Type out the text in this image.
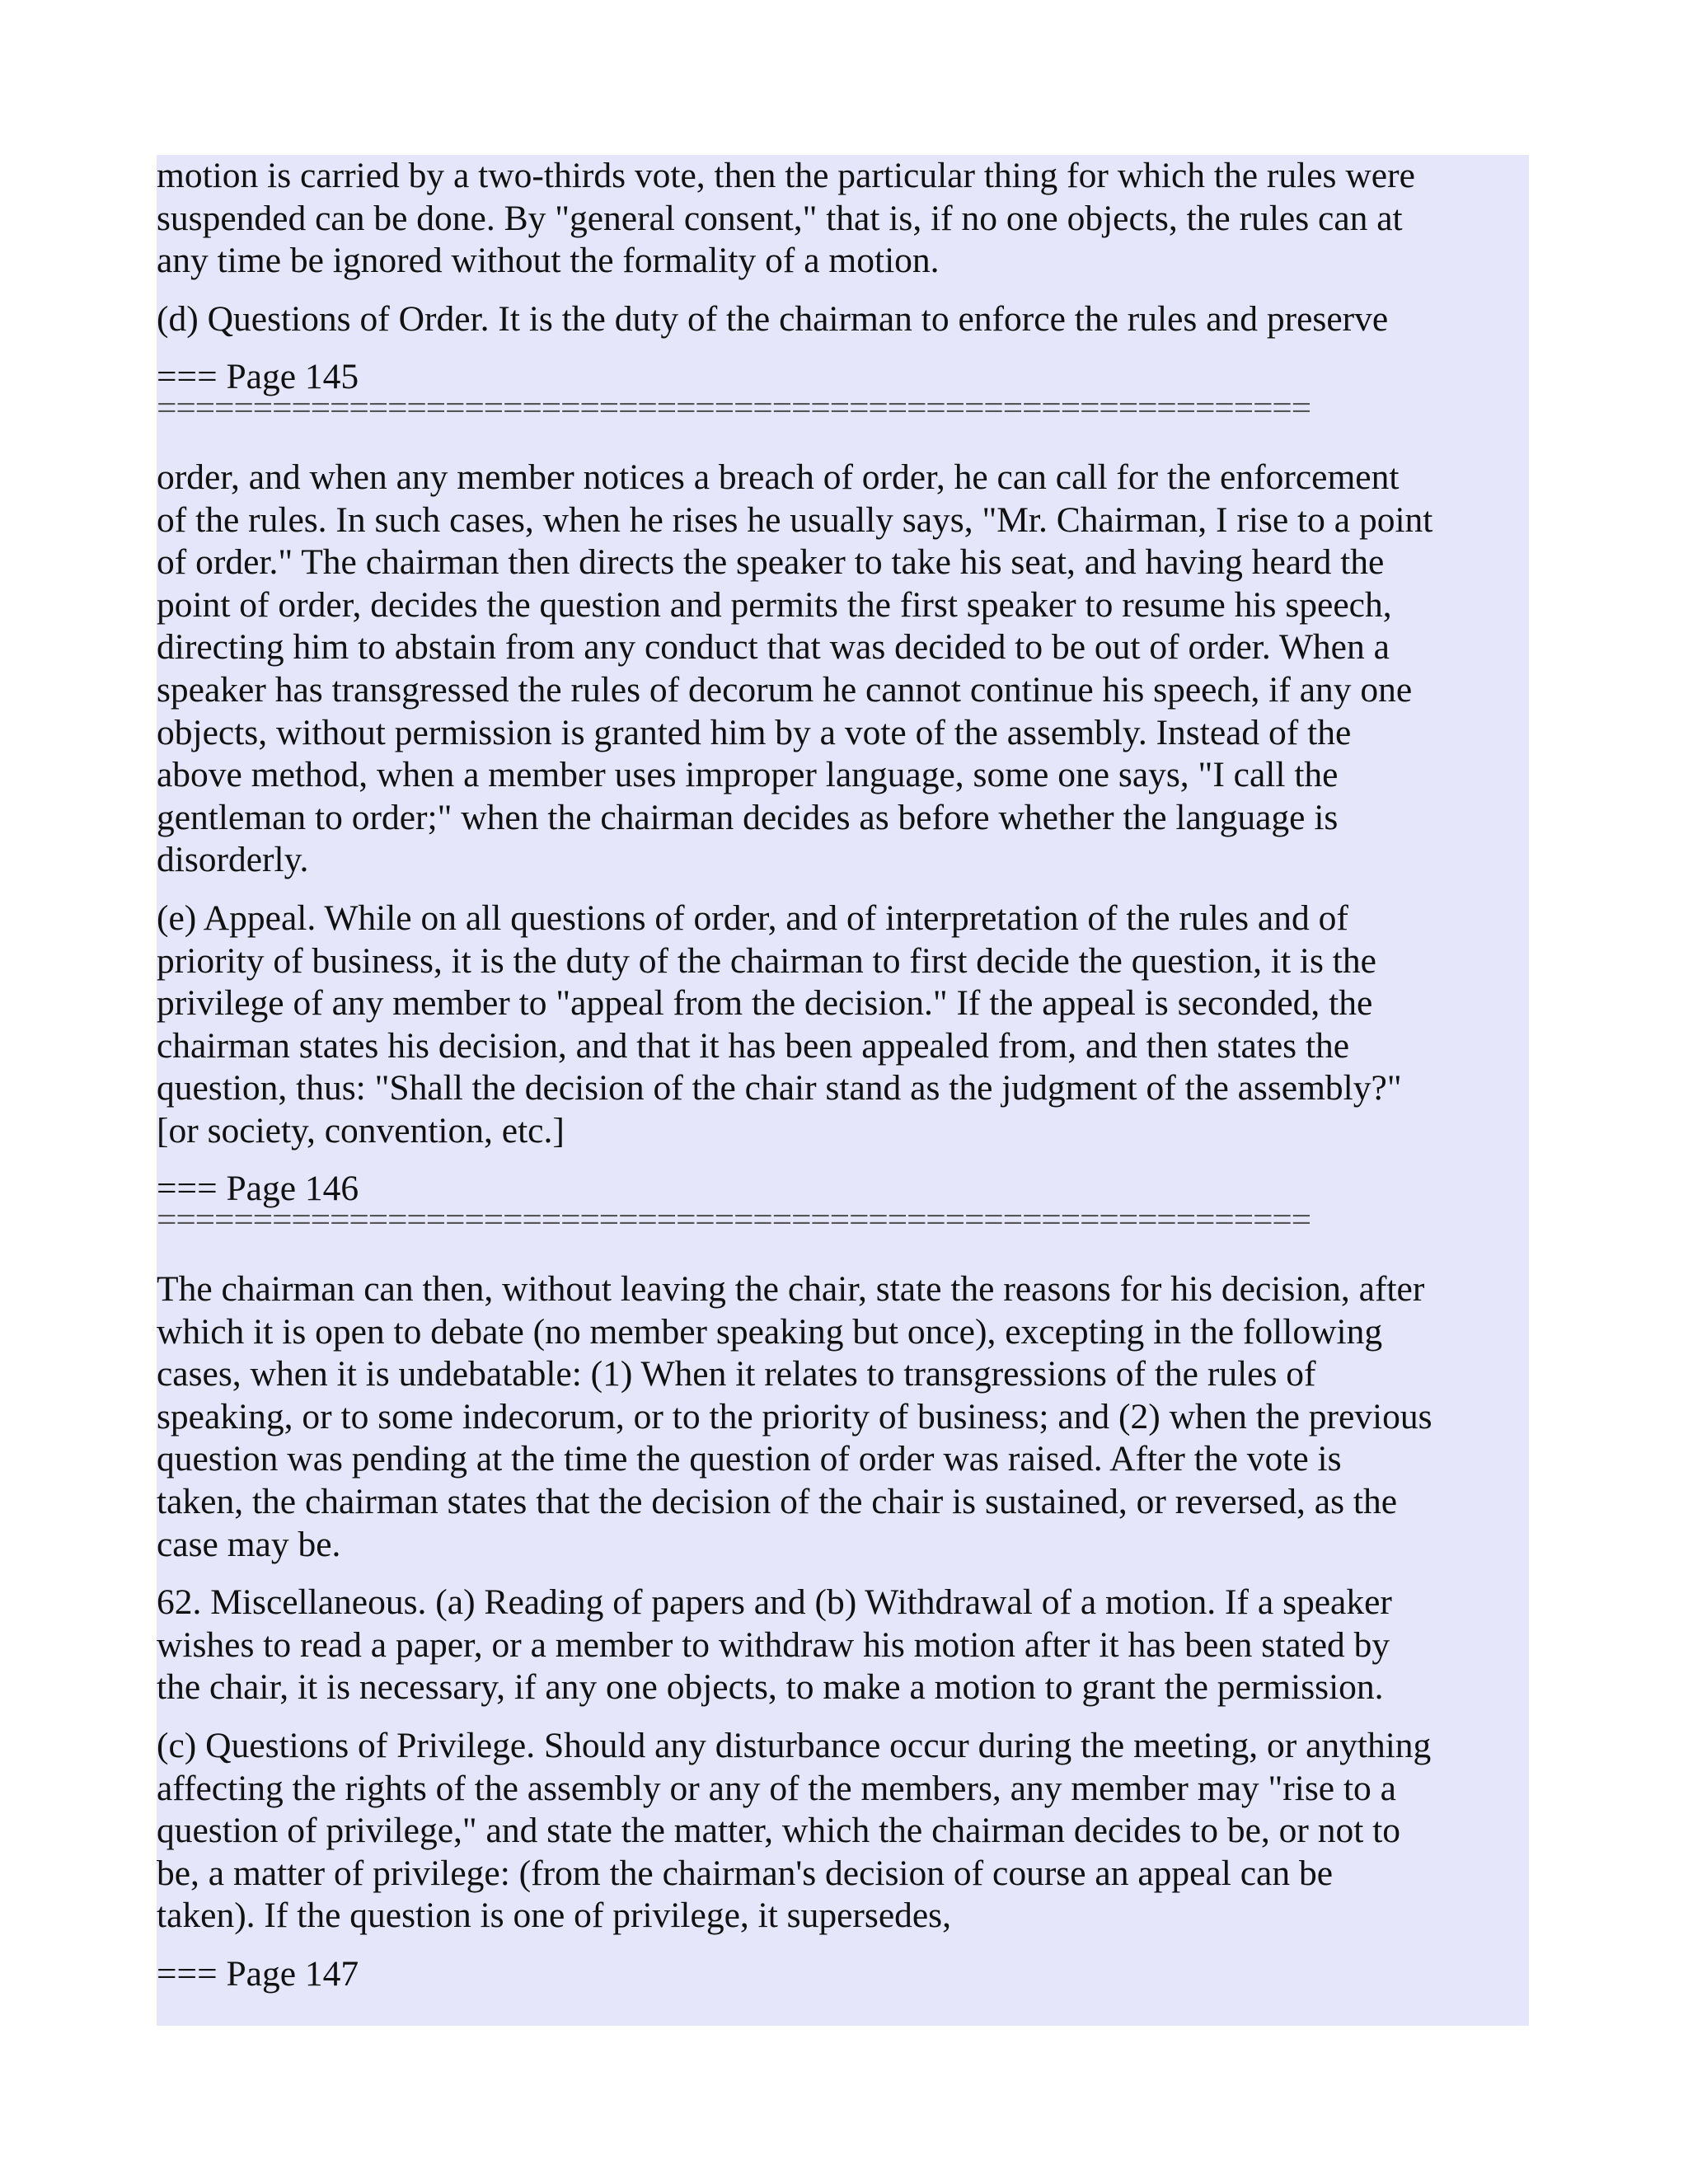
motion is carried by a two-thirds vote, then the particular thing for which the rules were
suspended can be done. By "general consent," that is, if no one objects, the rules can at
any time be ignored without the formality of a motion.

(d) Questions of Order. It is the duty of the chairman to enforce the rules and preserve

=== Page 145

============================================================

order, and when any member notices a breach of order, he can call for the enforcement
of the rules. In such cases, when he rises he usually says, "Mr. Chairman, I rise to a point
of order." The chairman then directs the speaker to take his seat, and having heard the
point of order, decides the question and permits the first speaker to resume his speech,
directing him to abstain from any conduct that was decided to be out of order. When a
speaker has transgressed the rules of decorum he cannot continue his speech, if any one
objects, without permission is granted him by a vote of the assembly. Instead of the
above method, when a member uses improper language, some one says, "I call the
gentleman to order;" when the chairman decides as before whether the language is
disorderly.

(e) Appeal. While on all questions of order, and of interpretation of the rules and of
priority of business, it is the duty of the chairman to first decide the question, it is the
privilege of any member to "appeal from the decision." If the appeal is seconded, the
chairman states his decision, and that it has been appealed from, and then states the
question, thus: "Shall the decision of the chair stand as the judgment of the assembly?"
[or society, convention, etc.]

=== Page 146

============================================================

The chairman can then, without leaving the chair, state the reasons for his decision, after
which it is open to debate (no member speaking but once), excepting in the following
cases, when it is undebatable: (1) When it relates to transgressions of the rules of
speaking, or to some indecorum, or to the priority of business; and (2) when the previous
question was pending at the time the question of order was raised. After the vote is
taken, the chairman states that the decision of the chair is sustained, or reversed, as the
case may be.

62. Miscellaneous. (a) Reading of papers and (b) Withdrawal of a motion. If a speaker
wishes to read a paper, or a member to withdraw his motion after it has been stated by
the chair, it is necessary, if any one objects, to make a motion to grant the permission.

(c) Questions of Privilege. Should any disturbance occur during the meeting, or anything
affecting the rights of the assembly or any of the members, any member may "rise to a
question of privilege," and state the matter, which the chairman decides to be, or not to
be, a matter of privilege: (from the chairman's decision of course an appeal can be
taken). If the question is one of privilege, it supersedes,

=== Page 147
